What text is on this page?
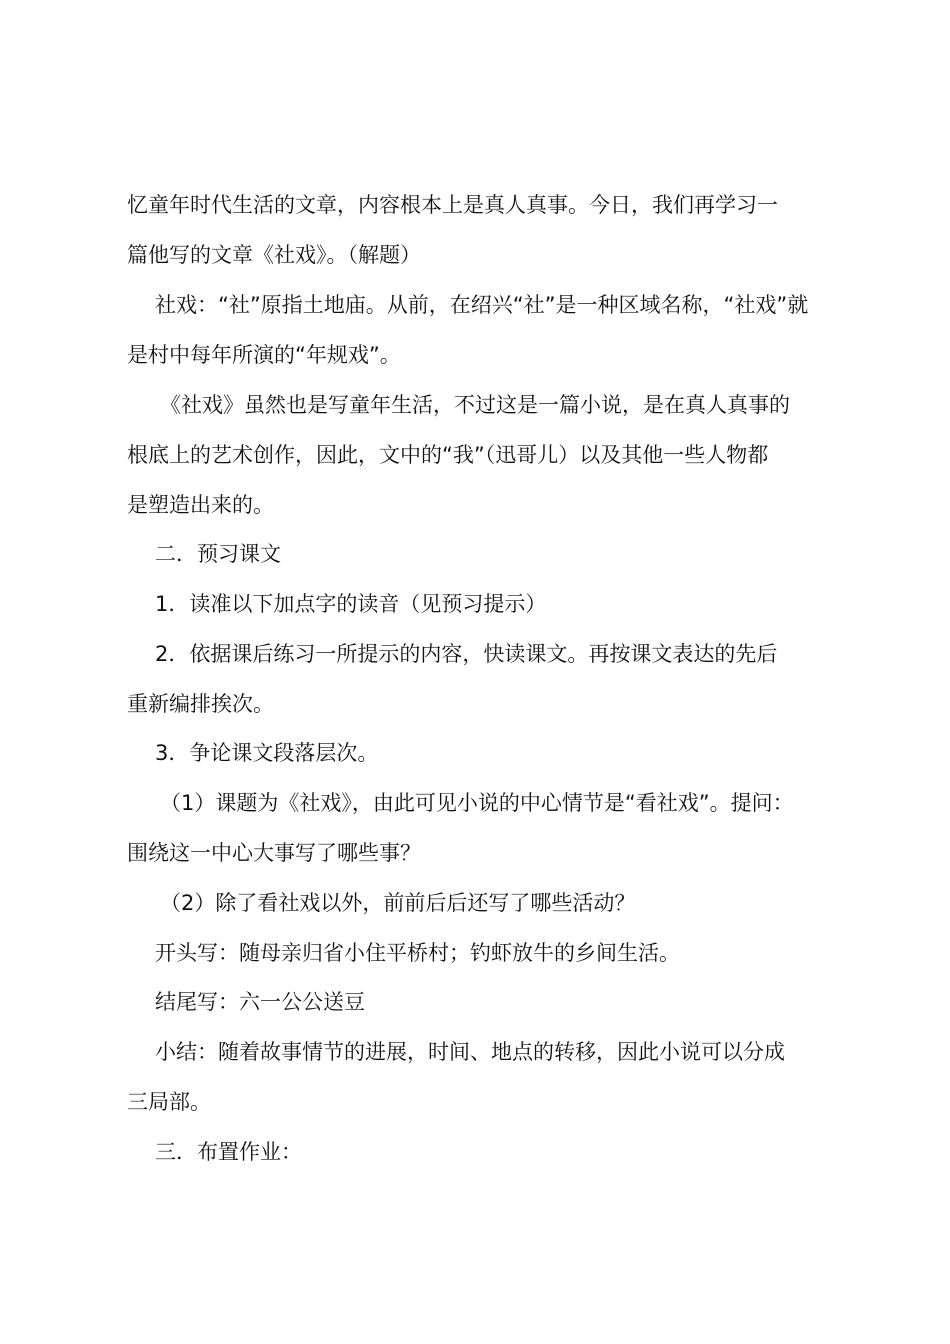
忆童年时代生活的文章，内容根本上是真人真事。今日，我们再学习一
篇他写的文章《社戏》。（解题）
社戏：“社”原指土地庙。从前，在绍兴“社”是一种区域名称，“社戏”就
是村中每年所演的“年规戏”。
《社戏》虽然也是写童年生活，不过这是一篇小说，是在真人真事的
根底上的艺术创作，因此，文中的“我”（迅哥儿）以及其他一些人物都
是塑造出来的。
二．预习课文
1．读准以下加点字的读音（见预习提示）
2．依据课后练习一所提示的内容，快读课文。再按课文表达的先后
重新编排挨次。
3．争论课文段落层次。
（1）课题为《社戏》，由此可见小说的中心情节是“看社戏”。提问：
围绕这一中心大事写了哪些事？
（2）除了看社戏以外，前前后后还写了哪些活动？
开头写：随母亲归省小住平桥村；钓虾放牛的乡间生活。
结尾写：六一公公送豆
小结：随着故事情节的进展，时间、地点的转移，因此小说可以分成
三局部。
三．布置作业：
